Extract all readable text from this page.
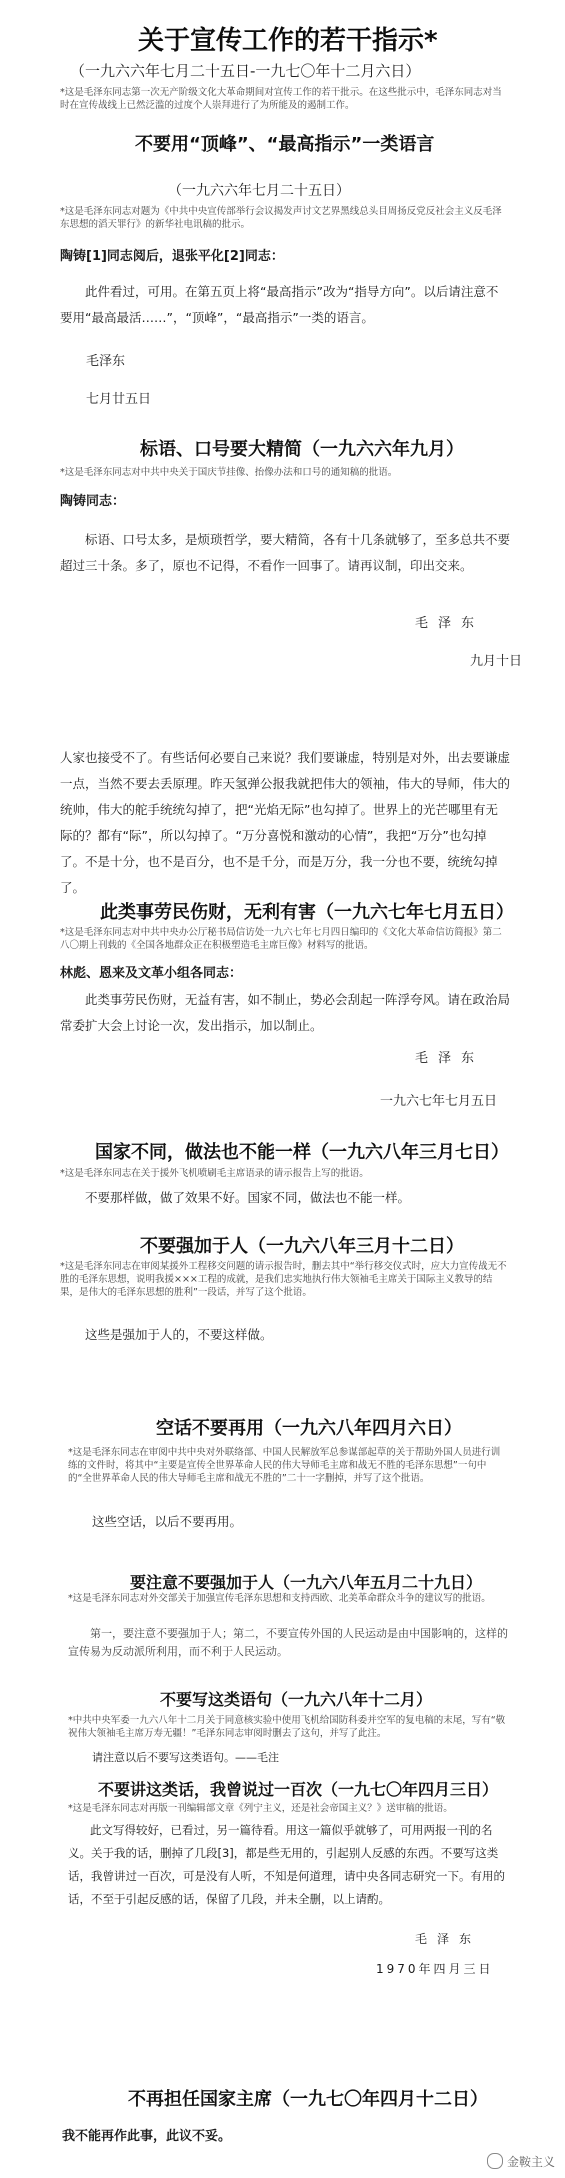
关于宣传工作的若干指示*
（一九六六年七月二十五日-一九七〇年十二月六日）
*这是毛泽东同志第一次无产阶级文化大革命期间对宣传工作的若干批示。在这些批示中，毛泽东同志对当时在宣传战线上已然泛滥的过度个人崇拜进行了为所能及的遏制工作。
不要用“顶峰”、“最高指示”一类语言
（一九六六年七月二十五日）
*这是毛泽东同志对题为《中共中央宣传部举行会议揭发声讨文艺界黑线总头目周扬反党反社会主义反毛泽东思想的滔天罪行》的新华社电讯稿的批示。
陶铸[1]同志阅后，退张平化[2]同志：
此件看过，可用。在第五页上将“最高指示”改为“指导方向”。以后请注意不要用“最高最活……”，“顶峰”，“最高指示”一类的语言。
毛泽东
七月廿五日
标语、口号要大精简（一九六六年九月）
*这是毛泽东同志对中共中央关于国庆节挂像、抬像办法和口号的通知稿的批语。
陶铸同志：
标语、口号太多，是烦琐哲学，要大精简，各有十几条就够了，至多总共不要超过三十条。多了，原也不记得，不看作一回事了。请再议制，印出交来。
毛泽东
九月十日
人家也接受不了。有些话何必要自己来说？我们要谦虚，特别是对外，出去要谦虚一点，当然不要去丢原理。昨天氢弹公报我就把伟大的领袖，伟大的导师，伟大的统帅，伟大的舵手统统勾掉了，把“光焰无际”也勾掉了。世界上的光芒哪里有无际的？都有“际”，所以勾掉了。“万分喜悦和激动的心情”，我把“万分”也勾掉了。不是十分，也不是百分，也不是千分，而是万分，我一分也不要，统统勾掉了。
此类事劳民伤财，无利有害（一九六七年七月五日）
*这是毛泽东同志对中共中央办公厅秘书局信访处一九六七年七月四日编印的《文化大革命信访简报》第二八〇期上刊载的《全国各地群众正在积极塑造毛主席巨像》材料写的批语。
林彪、恩来及文革小组各同志：
此类事劳民伤财，无益有害，如不制止，势必会刮起一阵浮夸风。请在政治局常委扩大会上讨论一次，发出指示，加以制止。
毛泽东
一九六七年七月五日
国家不同，做法也不能一样（一九六八年三月七日）
*这是毛泽东同志在关于援外飞机喷刷毛主席语录的请示报告上写的批语。
不要那样做，做了效果不好。国家不同，做法也不能一样。
不要强加于人（一九六八年三月十二日）
*这是毛泽东同志在审阅某援外工程移交问题的请示报告时，删去其中“举行移交仪式时，应大力宣传战无不胜的毛泽东思想，说明我援×××工程的成就，是我们忠实地执行伟大领袖毛主席关于国际主义教导的结果，是伟大的毛泽东思想的胜利”一段话，并写了这个批语。
这些是强加于人的，不要这样做。
空话不要再用（一九六八年四月六日）
*这是毛泽东同志在审阅中共中央对外联络部、中国人民解放军总参谋部起草的关于帮助外国人员进行训练的文件时，将其中“主要是宣传全世界革命人民的伟大导师毛主席和战无不胜的毛泽东思想”一句中的“全世界革命人民的伟大导师毛主席和战无不胜的”二十一字删掉，并写了这个批语。
这些空话，以后不要再用。
要注意不要强加于人（一九六八年五月二十九日）
*这是毛泽东同志对外交部关于加强宣传毛泽东思想和支持西欧、北美革命群众斗争的建议写的批语。
第一，要注意不要强加于人；第二，不要宣传外国的人民运动是由中国影响的，这样的宣传易为反动派所利用，而不利于人民运动。
不要写这类语句（一九六八年十二月）
*中共中央军委一九六八年十二月关于同意核实验中使用飞机给国防科委并空军的复电稿的末尾，写有“敬祝伟大领袖毛主席万寿无疆！”毛泽东同志审阅时删去了这句，并写了此注。
请注意以后不要写这类语句。——毛注
不要讲这类话，我曾说过一百次（一九七〇年四月三日）
*这是毛泽东同志对再版一刊编辑部文章《列宁主义，还是社会帝国主义？》送审稿的批语。
此文写得较好，已看过，另一篇待看。用这一篇似乎就够了，可用两报一刊的名义。关于我的话，删掉了几段[3]，都是些无用的，引起别人反感的东西。不要写这类话，我曾讲过一百次，可是没有人听，不知是何道理，请中央各同志研究一下。有用的话，不至于引起反感的话，保留了几段，并未全删，以上请酌。
毛泽东
1970年四月三日
不再担任国家主席（一九七〇年四月十二日）
我不能再作此事，此议不妥。
金鞍主义
